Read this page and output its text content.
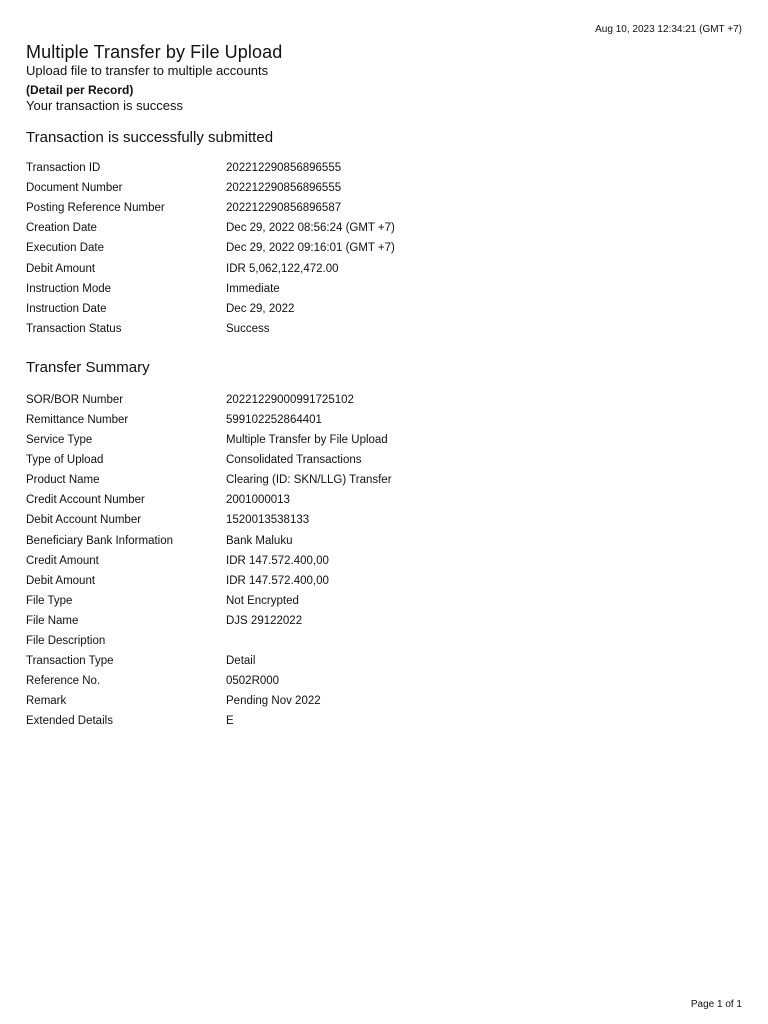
Aug 10, 2023 12:34:21 (GMT +7)
Multiple Transfer by File Upload
Upload file to transfer to multiple accounts
(Detail per Record)
Your transaction is success
Transaction is successfully submitted
Transaction ID	202212290856896555
Document Number	202212290856896555
Posting Reference Number	202212290856896587
Creation Date	Dec 29, 2022 08:56:24 (GMT +7)
Execution Date	Dec 29, 2022 09:16:01 (GMT +7)
Debit Amount	IDR 5,062,122,472.00
Instruction Mode	Immediate
Instruction Date	Dec 29, 2022
Transaction Status	Success
Transfer Summary
SOR/BOR Number	20221229000991725102
Remittance Number	599102252864401
Service Type	Multiple Transfer by File Upload
Type of Upload	Consolidated Transactions
Product Name	Clearing (ID: SKN/LLG) Transfer
Credit Account Number	2001000013
Debit Account Number	1520013538133
Beneficiary Bank Information	Bank Maluku
Credit Amount	IDR 147.572.400,00
Debit Amount	IDR 147.572.400,00
File Type	Not Encrypted
File Name	DJS 29122022
File Description	
Transaction Type	Detail
Reference No.	0502R000
Remark	Pending Nov 2022
Extended Details	E
Page 1 of 1
